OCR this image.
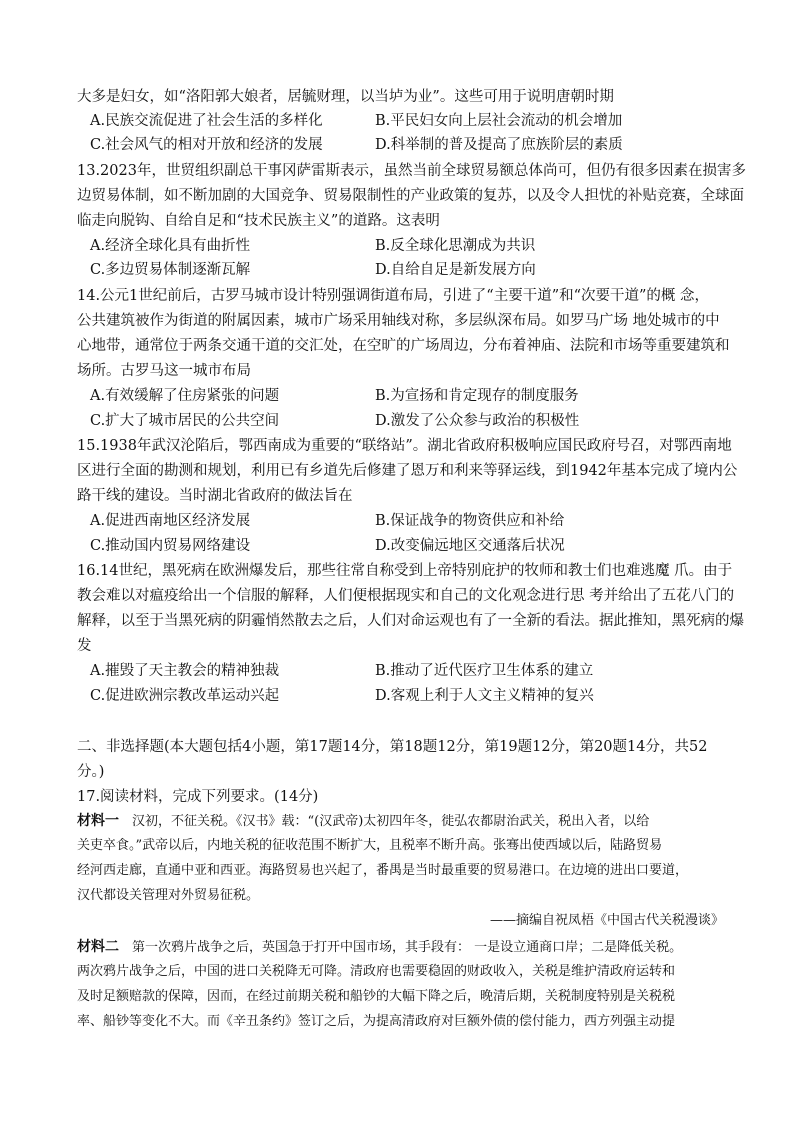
大多是妇女，如“洛阳郭大娘者，居毓财理，以当垆为业”。这些可用于说明唐朝时期
A.民族交流促进了社会生活的多样化	B.平民妇女向上层社会流动的机会增加
C.社会风气的相对开放和经济的发展	D.科举制的普及提高了庶族阶层的素质
13.2023年，世贸组织副总干事冈萨雷斯表示，虽然当前全球贸易额总体尚可，但仍有很多因素在损害多
边贸易体制，如不断加剧的大国竞争、贸易限制性的产业政策的复苏，以及令人担忧的补贴竞赛，全球面
临走向脱钩、自给自足和“技术民族主义”的道路。这表明
A.经济全球化具有曲折性	B.反全球化思潮成为共识
C.多边贸易体制逐渐瓦解	D.自给自足是新发展方向
14.公元1世纪前后，古罗马城市设计特别强调街道布局，引进了“主要干道”和“次要干道”的概 念，
公共建筑被作为街道的附属因素，城市广场采用轴线对称，多层纵深布局。如罗马广场 地处城市的中
心地带，通常位于两条交通干道的交汇处，在空旷的广场周边，分布着神庙、法院和市场等重要建筑和
场所。古罗马这一城市布局
A.有效缓解了住房紧张的问题	B.为宣扬和肯定现存的制度服务
C.扩大了城市居民的公共空间	D.激发了公众参与政治的积极性
15.1938年武汉沦陷后，鄂西南成为重要的“联络站”。湖北省政府积极响应国民政府号召，对鄂西南地
区进行全面的勘测和规划，利用已有乡道先后修建了恩万和利来等驿运线，到1942年基本完成了境内公
路干线的建设。当时湖北省政府的做法旨在
A.促进西南地区经济发展	B.保证战争的物资供应和补给
C.推动国内贸易网络建设	D.改变偏远地区交通落后状况
16.14世纪，黑死病在欧洲爆发后，那些往常自称受到上帝特别庇护的牧师和教士们也难逃魔 爪。由于
教会难以对瘟疫给出一个信服的解释，人们便根据现实和自己的文化观念进行思 考并给出了五花八门的
解释，以至于当黑死病的阴霾悄然散去之后，人们对命运观也有了一全新的看法。据此推知，黑死病的爆
发
A.摧毁了天主教会的精神独裁	B.推动了近代医疗卫生体系的建立
C.促进欧洲宗教改革运动兴起	D.客观上利于人文主义精神的复兴
二、非选择题(本大题包括4小题，第17题14分，第18题12分，第19题12分，第20题14分，共52
分。)
17.阅读材料，完成下列要求。(14分)
材料一　汉初，不征关税。《汉书》载：“(汉武帝)太初四年冬，徙弘农都尉治武关，税出入者，以给
关吏卒食。”武帝以后，内地关税的征收范围不断扩大，且税率不断升高。张骞出使西域以后，陆路贸易
经河西走廊，直通中亚和西亚。海路贸易也兴起了，番禺是当时最重要的贸易港口。在边境的进出口要道，
汉代都设关管理对外贸易征税。
——摘编自祝凤梧《中国古代关税漫谈》
材料二　第一次鸦片战争之后，英国急于打开中国市场，其手段有： 一是设立通商口岸；二是降低关税。
两次鸦片战争之后，中国的进口关税降无可降。清政府也需要稳固的财政收入，关税是维护清政府运转和
及时足额赔款的保障，因而，在经过前期关税和船钞的大幅下降之后，晚清后期，关税制度特别是关税税
率、船钞等变化不大。而《辛丑条约》签订之后，为提高清政府对巨额外债的偿付能力，西方列强主动提
